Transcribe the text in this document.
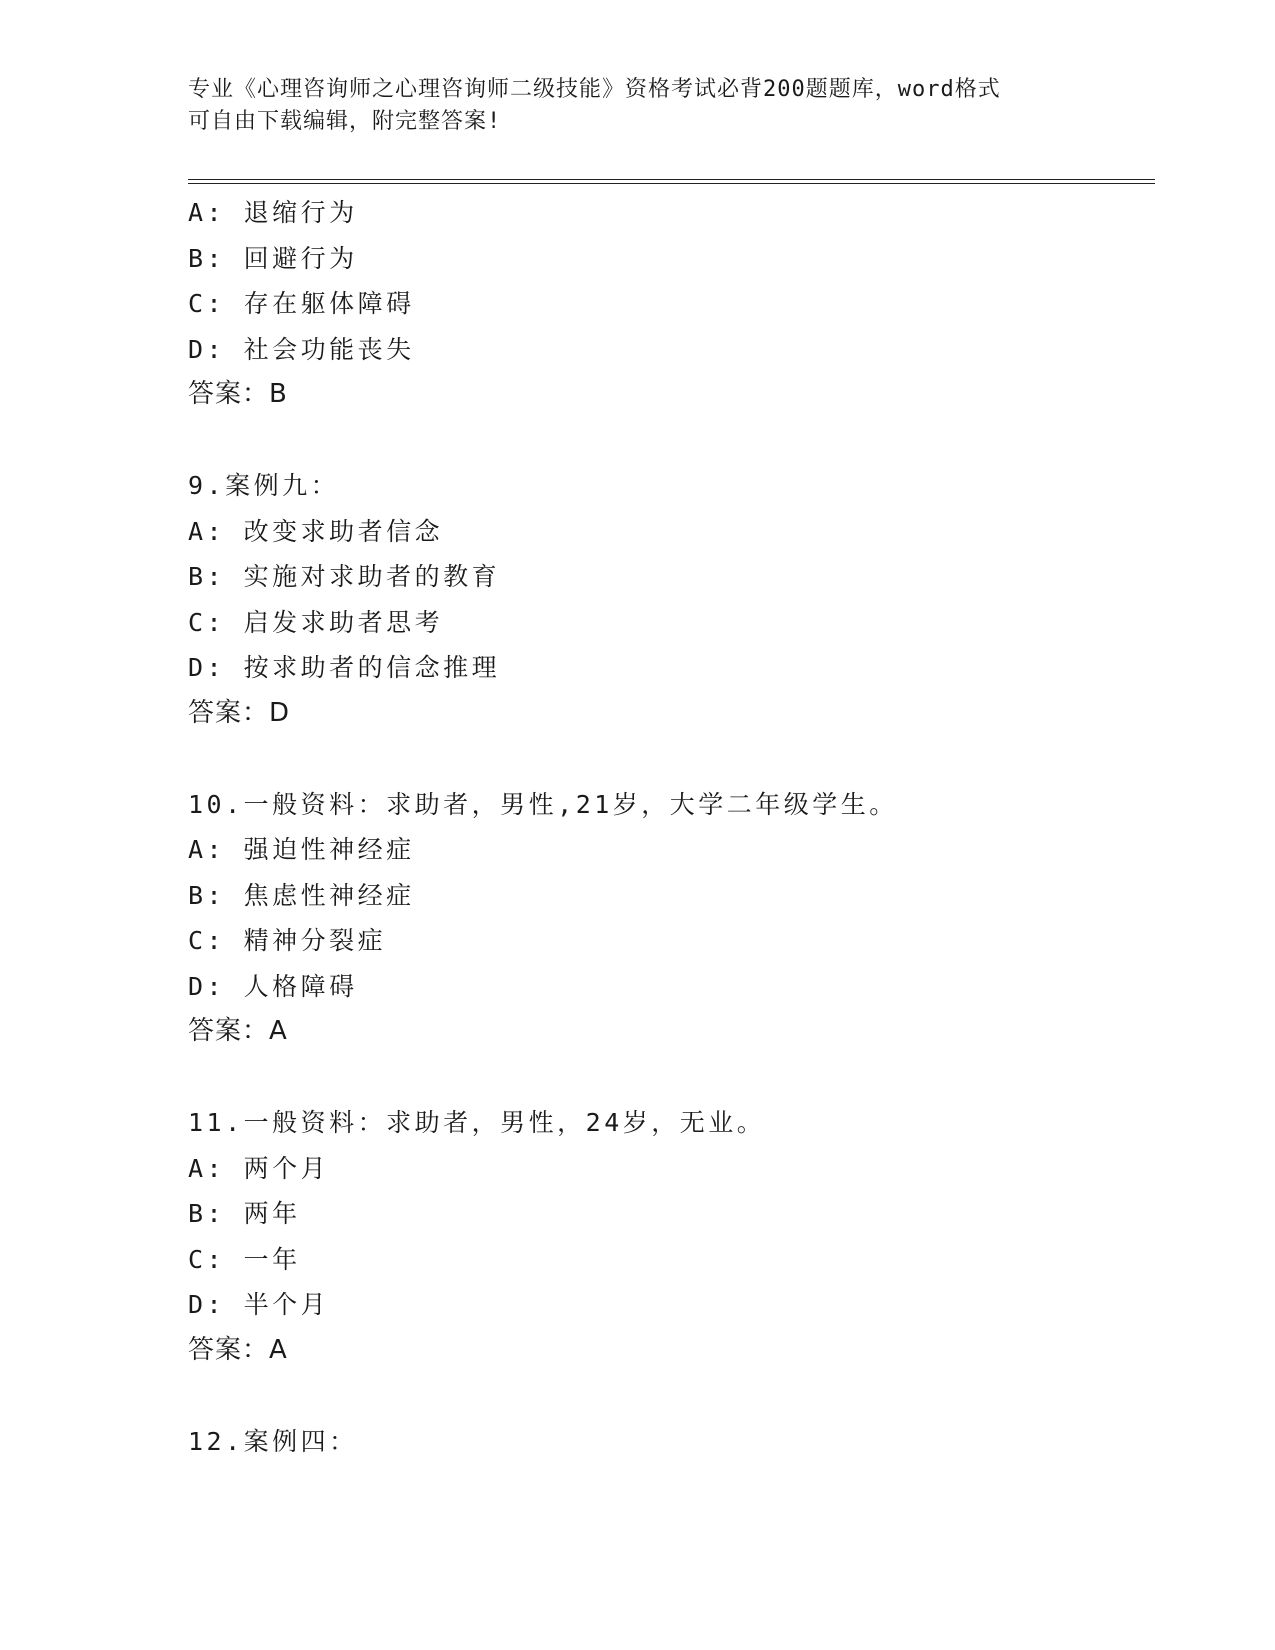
专业《心理咨询师之心理咨询师二级技能》资格考试必背200题题库，word格式

可自由下载编辑，附完整答案!

A: 退缩行为
B: 回避行为
C: 存在躯体障碍
D: 社会功能丧失
答案：B
9.案例九：
A: 改变求助者信念
B: 实施对求助者的教育
C: 启发求助者思考
D: 按求助者的信念推理
答案：D
10.一般资料：求助者，男性,21岁，大学二年级学生。
A: 强迫性神经症
B: 焦虑性神经症
C: 精神分裂症
D: 人格障碍
答案：A
11.一般资料：求助者，男性，24岁，无业。
A: 两个月
B: 两年
C: 一年
D: 半个月
答案：A
12.案例四：
